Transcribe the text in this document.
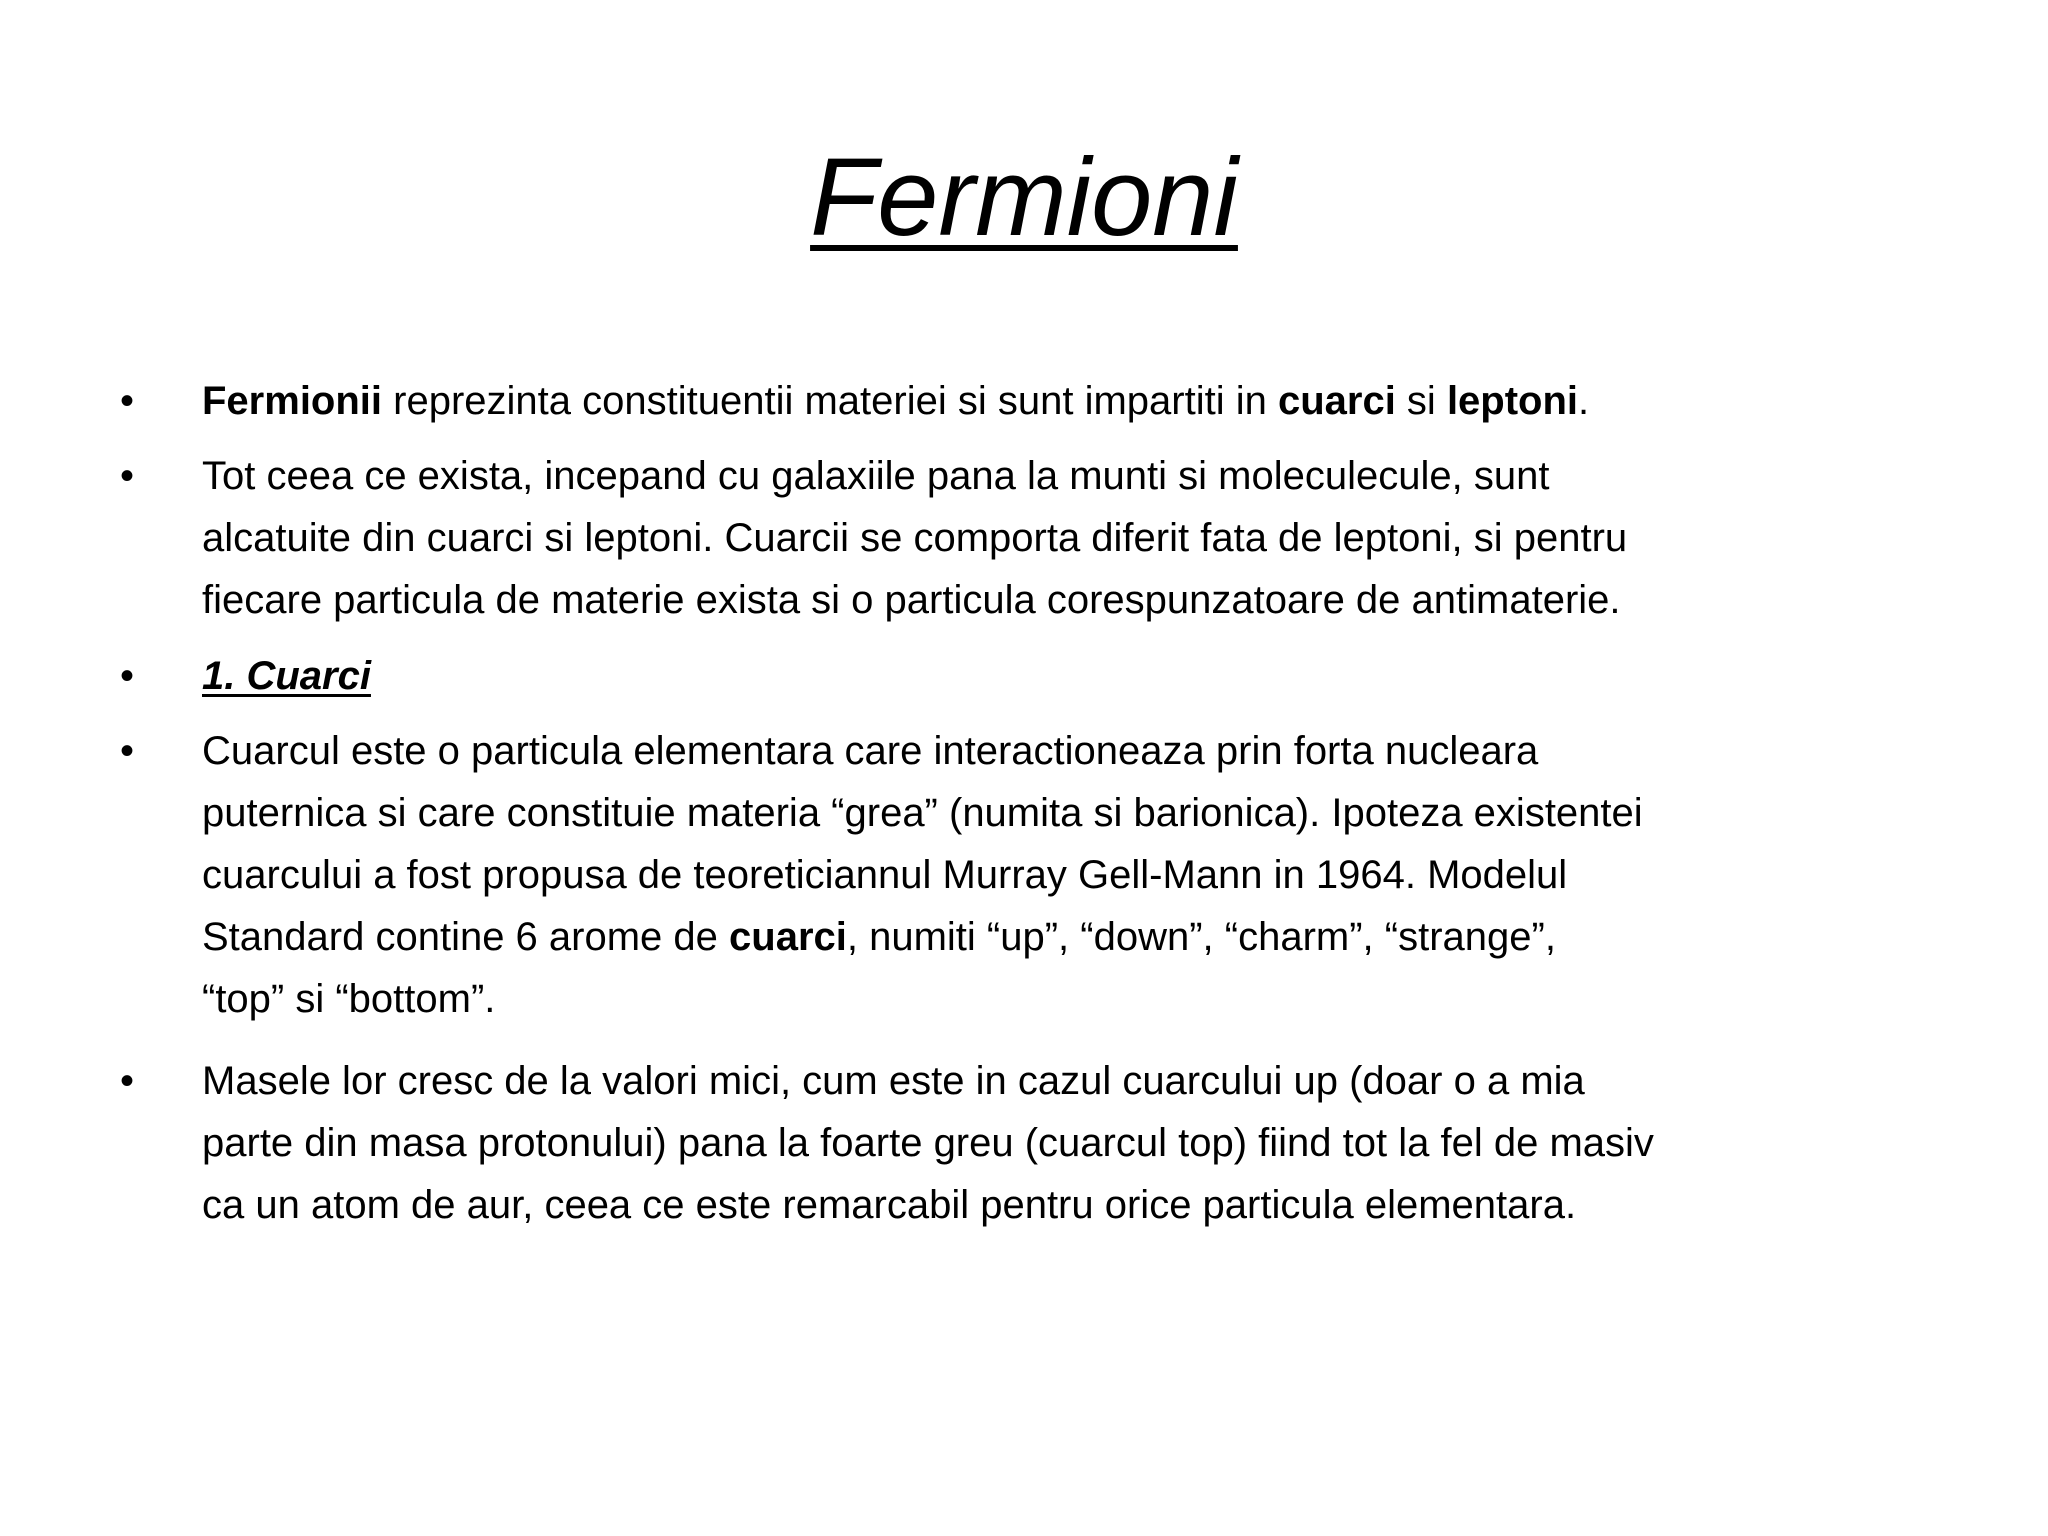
Fermioni
•	Fermionii reprezinta constituentii materiei si sunt impartiti in cuarci si leptoni.
•	Tot ceea ce exista, incepand cu galaxiile pana la munti si moleculecule, sunt
alcatuite din cuarci si leptoni. Cuarcii se comporta diferit fata de leptoni, si pentru
fiecare particula de materie exista si o particula corespunzatoare de antimaterie.
•	1. Cuarci
•	Cuarcul este o particula elementara care interactioneaza prin forta nucleara
puternica si care constituie materia “grea” (numita si barionica). Ipoteza existentei
cuarcului a fost propusa de teoreticiannul Murray Gell-Mann in 1964. Modelul
Standard contine 6 arome de cuarci, numiti “up”, “down”, “charm”, “strange”,
“top” si “bottom”.
•	Masele lor cresc de la valori mici, cum este in cazul cuarcului up (doar o a mia
parte din masa protonului) pana la foarte greu (cuarcul top) fiind tot la fel de masiv
ca un atom de aur, ceea ce este remarcabil pentru orice particula elementara.
